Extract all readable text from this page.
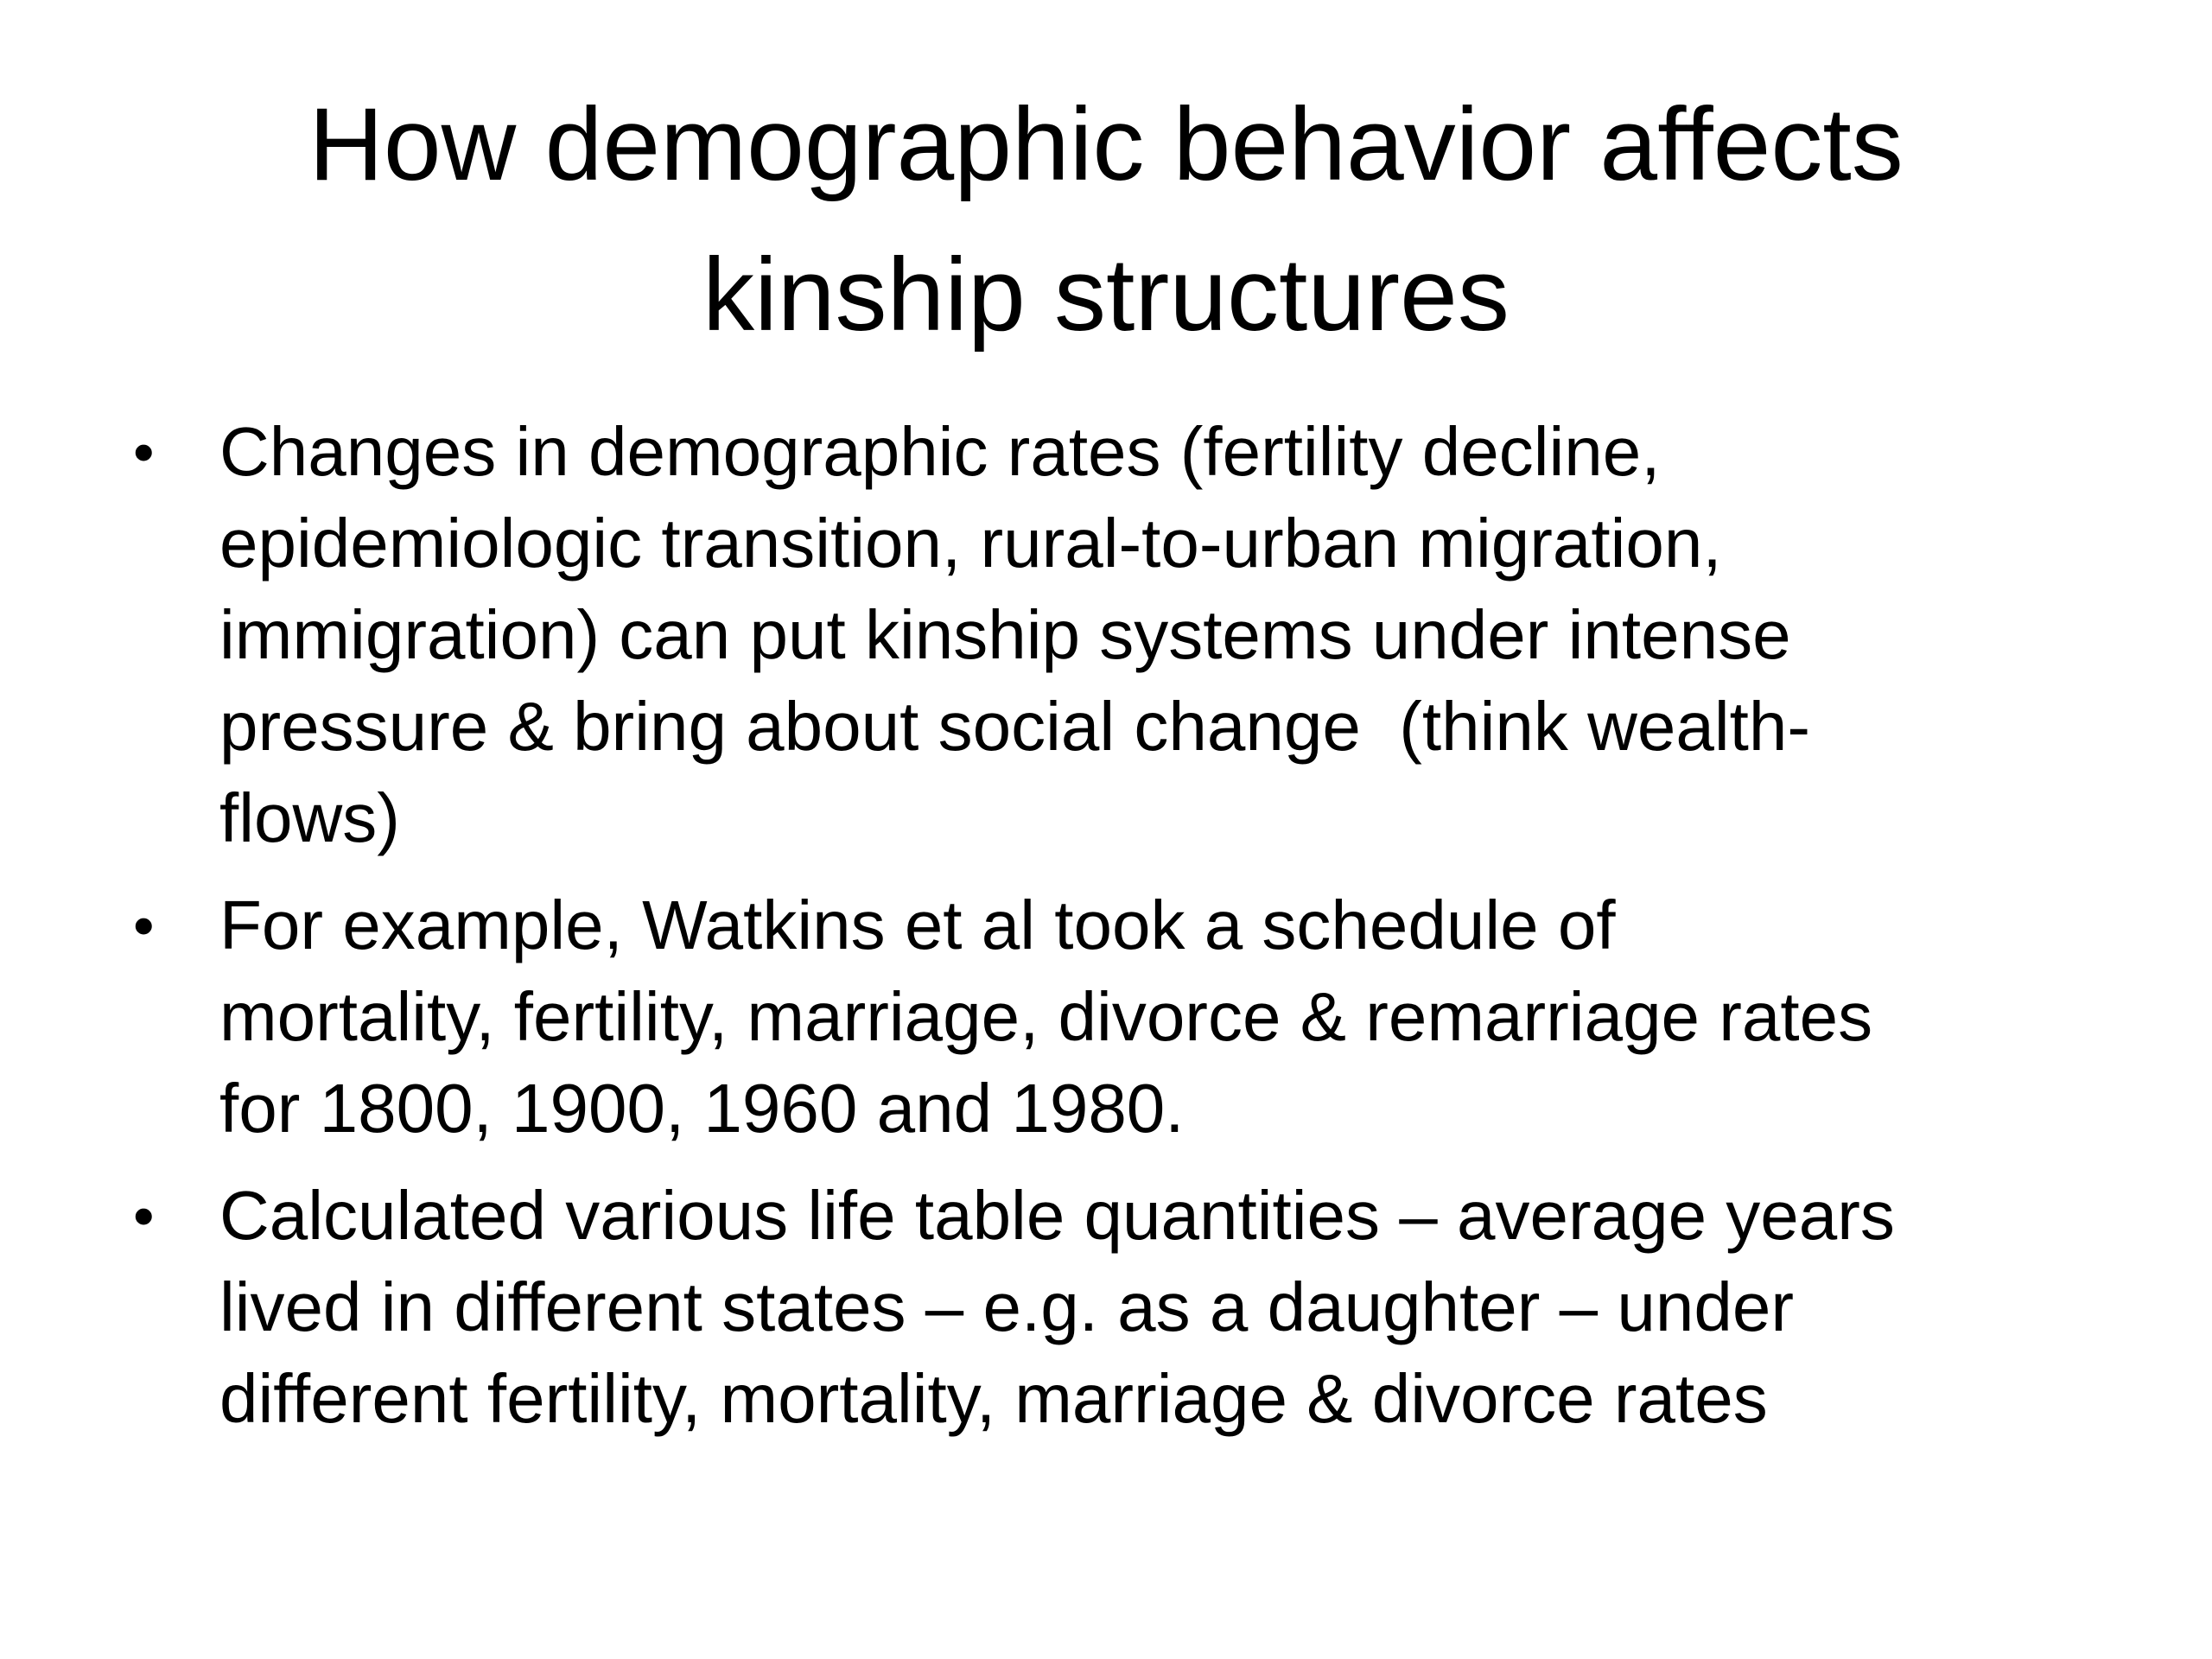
How demographic behavior affects
kinship structures
• Changes in demographic rates (fertility decline,
epidemiologic transition, rural-to-urban migration,
immigration) can put kinship systems under intense
pressure & bring about social change  (think wealth-
flows)
• For example, Watkins et al took a schedule of
mortality, fertility, marriage, divorce & remarriage rates
for 1800, 1900, 1960 and 1980.
• Calculated various life table quantities – average years
lived in different states – e.g. as a daughter – under
different fertility, mortality, marriage & divorce rates
